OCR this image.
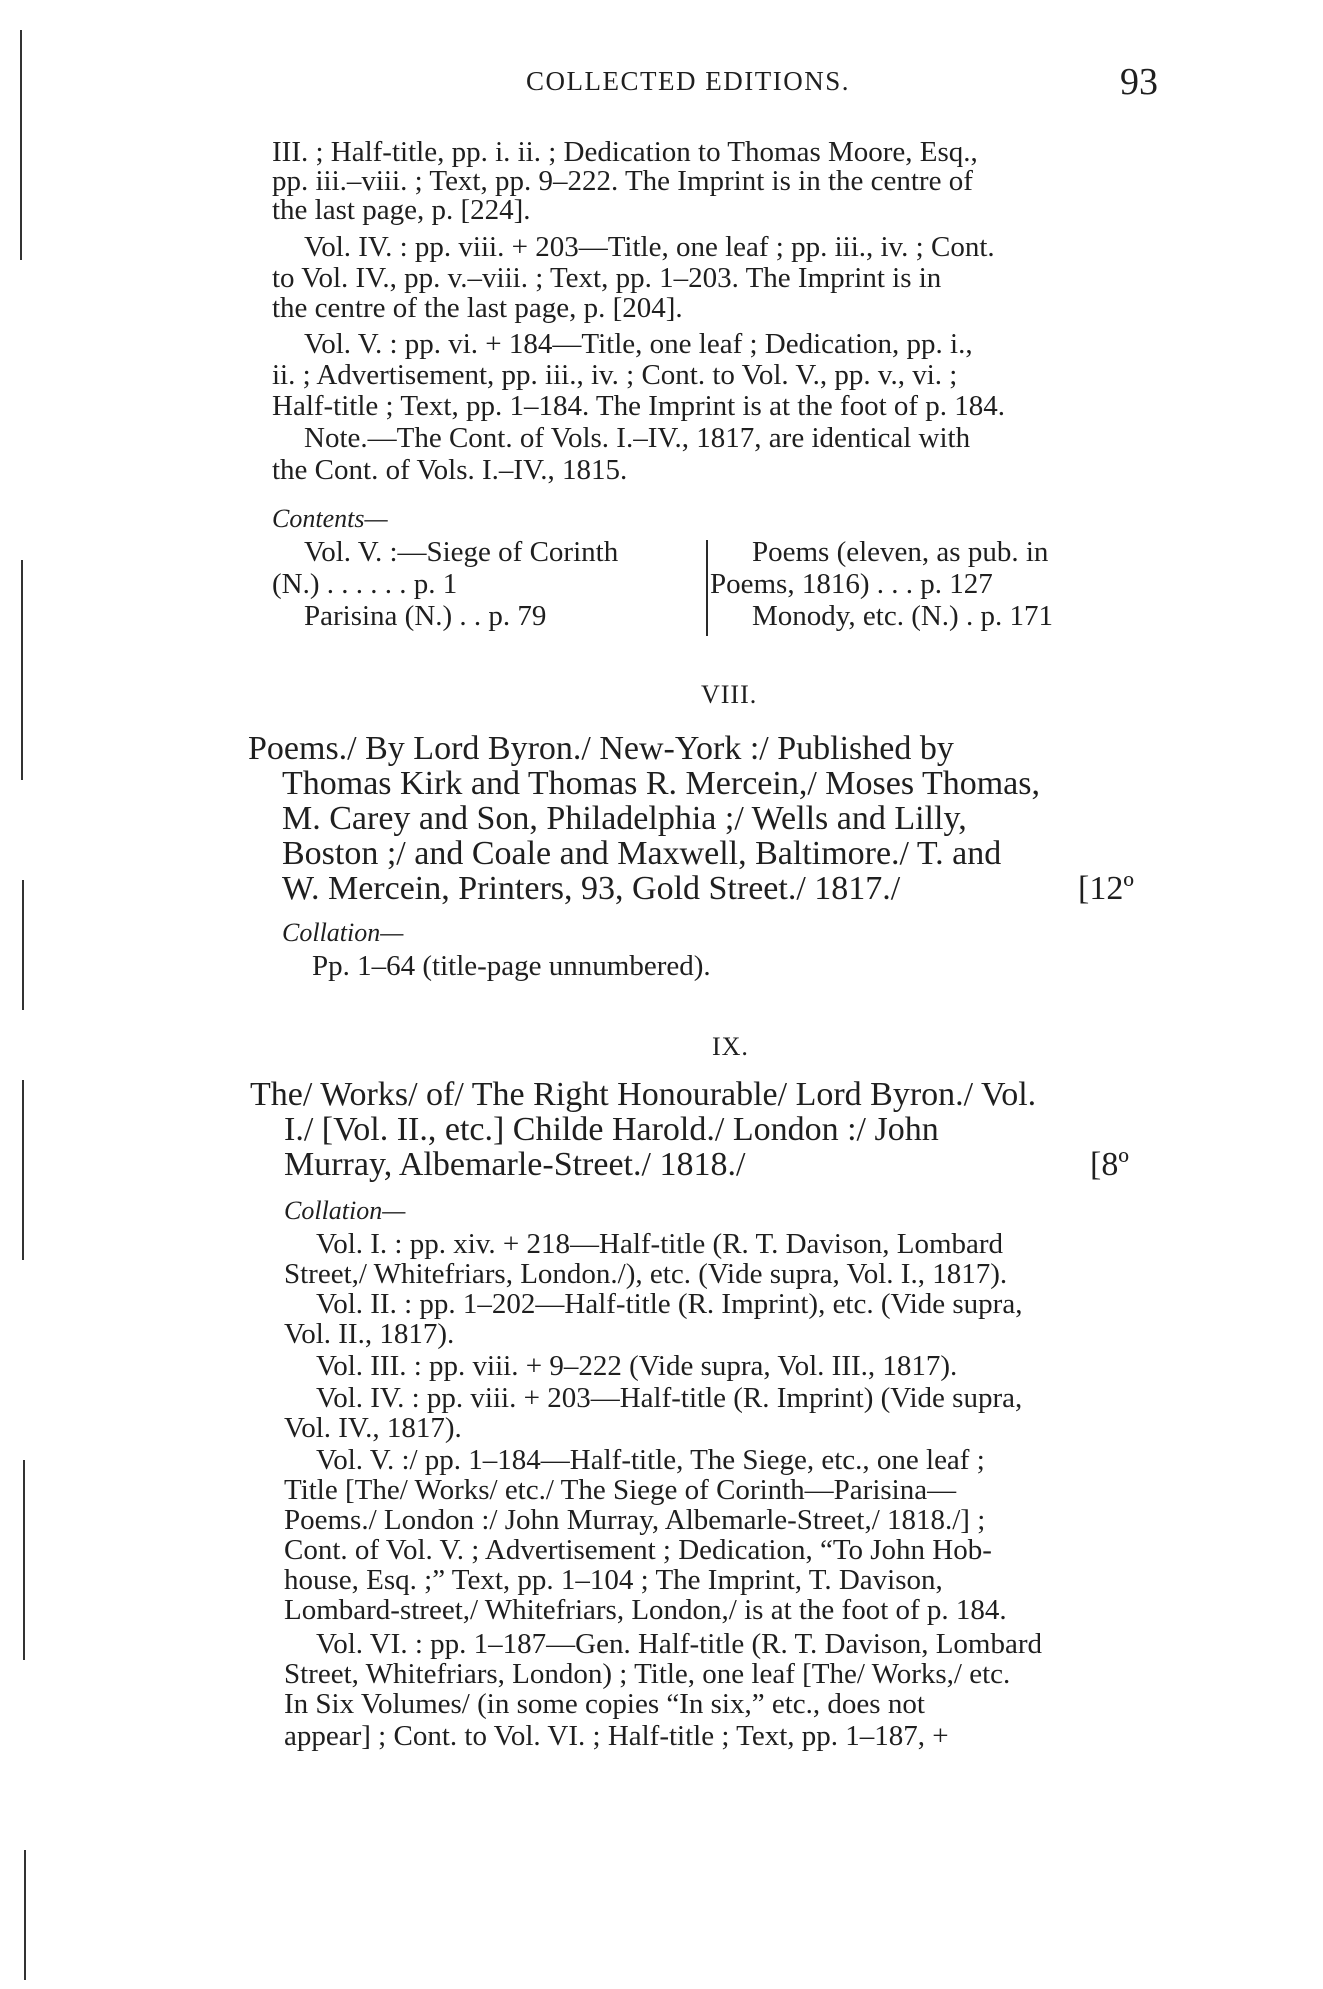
COLLECTED EDITIONS.	93
III. ; Half-title, pp. i. ii. ; Dedication to Thomas Moore, Esq.,
pp. iii.–viii. ; Text, pp. 9–222. The Imprint is in the centre of
the last page, p. [224].
Vol. IV. : pp. viii. + 203—Title, one leaf ; pp. iii., iv. ; Cont.
to Vol. IV., pp. v.–viii. ; Text, pp. 1–203. The Imprint is in
the centre of the last page, p. [204].
Vol. V. : pp. vi. + 184—Title, one leaf ; Dedication, pp. i.,
ii. ; Advertisement, pp. iii., iv. ; Cont. to Vol. V., pp. v., vi. ;
Half-title ; Text, pp. 1–184. The Imprint is at the foot of p. 184.
Note.—The Cont. of Vols. I.–IV., 1817, are identical with
the Cont. of Vols. I.–IV., 1815.
Contents—
Vol. V. :—Siege of Corinth
(N.) . . . . . . p. 1
Parisina (N.) . . p. 79
Poems (eleven, as pub. in
Poems, 1816) . . . p. 127
Monody, etc. (N.) . p. 171
VIII.
Poems./ By Lord Byron./ New-York :/ Published by
Thomas Kirk and Thomas R. Mercein,/ Moses Thomas,
M. Carey and Son, Philadelphia ;/ Wells and Lilly,
Boston ;/ and Coale and Maxwell, Baltimore./ T. and
W. Mercein, Printers, 93, Gold Street./ 1817./	[12º
Collation—
Pp. 1–64 (title-page unnumbered).
IX.
The/ Works/ of/ The Right Honourable/ Lord Byron./ Vol.
I./ [Vol. II., etc.] Childe Harold./ London :/ John
Murray, Albemarle-Street./ 1818./	[8º
Collation—
Vol. I. : pp. xiv. + 218—Half-title (R. T. Davison, Lombard
Street,/ Whitefriars, London./), etc. (Vide supra, Vol. I., 1817).
Vol. II. : pp. 1–202—Half-title (R. Imprint), etc. (Vide supra,
Vol. II., 1817).
Vol. III. : pp. viii. + 9–222 (Vide supra, Vol. III., 1817).
Vol. IV. : pp. viii. + 203—Half-title (R. Imprint) (Vide supra,
Vol. IV., 1817).
Vol. V. :/ pp. 1–184—Half-title, The Siege, etc., one leaf ;
Title [The/ Works/ etc./ The Siege of Corinth—Parisina—
Poems./ London :/ John Murray, Albemarle-Street,/ 1818./] ;
Cont. of Vol. V. ; Advertisement ; Dedication, “To John Hob-
house, Esq. ;” Text, pp. 1–104 ; The Imprint, T. Davison,
Lombard-street,/ Whitefriars, London,/ is at the foot of p. 184.
Vol. VI. : pp. 1–187—Gen. Half-title (R. T. Davison, Lombard
Street, Whitefriars, London) ; Title, one leaf [The/ Works,/ etc.
In Six Volumes/ (in some copies “In six,” etc., does not
appear] ; Cont. to Vol. VI. ; Half-title ; Text, pp. 1–187, +
